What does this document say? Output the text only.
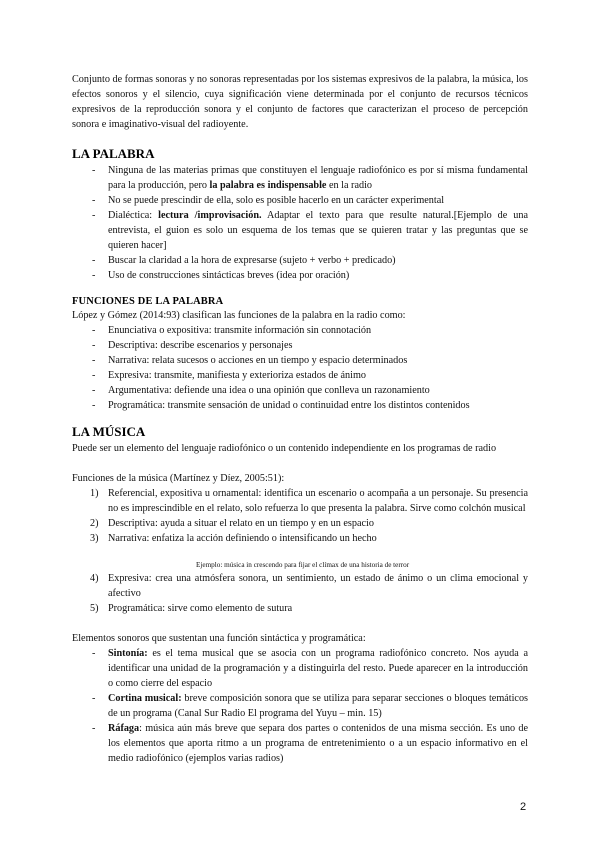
Conjunto de formas sonoras y no sonoras representadas por los sistemas expresivos de la palabra, la música, los efectos sonoros y el silencio, cuya significación viene determinada por el conjunto de recursos técnicos expresivos de la reproducción sonora y el conjunto de factores que caracterizan el proceso de percepción sonora e imaginativo-visual del radioyente.

LA PALABRA
- Ninguna de las materias primas que constituyen el lenguaje radiofónico es por sí misma fundamental para la producción, pero la palabra es indispensable en la radio
- No se puede prescindir de ella, solo es posible hacerlo en un carácter experimental
- Dialéctica: lectura /improvisación. Adaptar el texto para que resulte natural.[Ejemplo de una entrevista, el guion es solo un esquema de los temas que se quieren tratar y las preguntas que se quieren hacer]
- Buscar la claridad a la hora de expresarse (sujeto + verbo + predicado)
- Uso de construcciones sintácticas breves (idea por oración)
FUNCIONES DE LA PALABRA

López y Gómez (2014:93) clasifican las funciones de la palabra en la radio como:

- Enunciativa o expositiva: transmite información sin connotación
- Descriptiva: describe escenarios y personajes
- Narrativa: relata sucesos o acciones en un tiempo y espacio determinados
- Expresiva: transmite, manifiesta y exterioriza estados de ánimo
- Argumentativa: defiende una idea o una opinión que conlleva un razonamiento
- Programática: transmite sensación de unidad o continuidad entre los distintos contenidos
LA MÚSICA

Puede ser un elemento del lenguaje radiofónico o un contenido independiente en los programas de radio

Funciones de la música (Martínez y Díez, 2005:51):

1) Referencial, expositiva u ornamental: identifica un escenario o acompaña a un personaje. Su presencia no es imprescindible en el relato, solo refuerza lo que presenta la palabra. Sirve como colchón musical
2) Descriptiva: ayuda a situar el relato en un tiempo y en un espacio
3) Narrativa: enfatiza la acción definiendo o intensificando un hecho
Ejemplo: música in crescendo para fijar el clímax de una historia de terror
4) Expresiva: crea una atmósfera sonora, un sentimiento, un estado de ánimo o un clima emocional y afectivo
5) Programática: sirve como elemento de sutura

Elementos sonoros que sustentan una función sintáctica y programática:

- Sintonía: es el tema musical que se asocia con un programa radiofónico concreto. Nos ayuda a identificar una unidad de la programación y a distinguirla del resto. Puede aparecer en la introducción o como cierre del espacio
- Cortina musical: breve composición sonora que se utiliza para separar secciones o bloques temáticos de un programa (Canal Sur Radio El programa del Yuyu – min. 15)
- Ráfaga: música aún más breve que separa dos partes o contenidos de una misma sección. Es uno de los elementos que aporta ritmo a un programa de entretenimiento o a un espacio informativo en el medio radiofónico (ejemplos varias radios)
2
